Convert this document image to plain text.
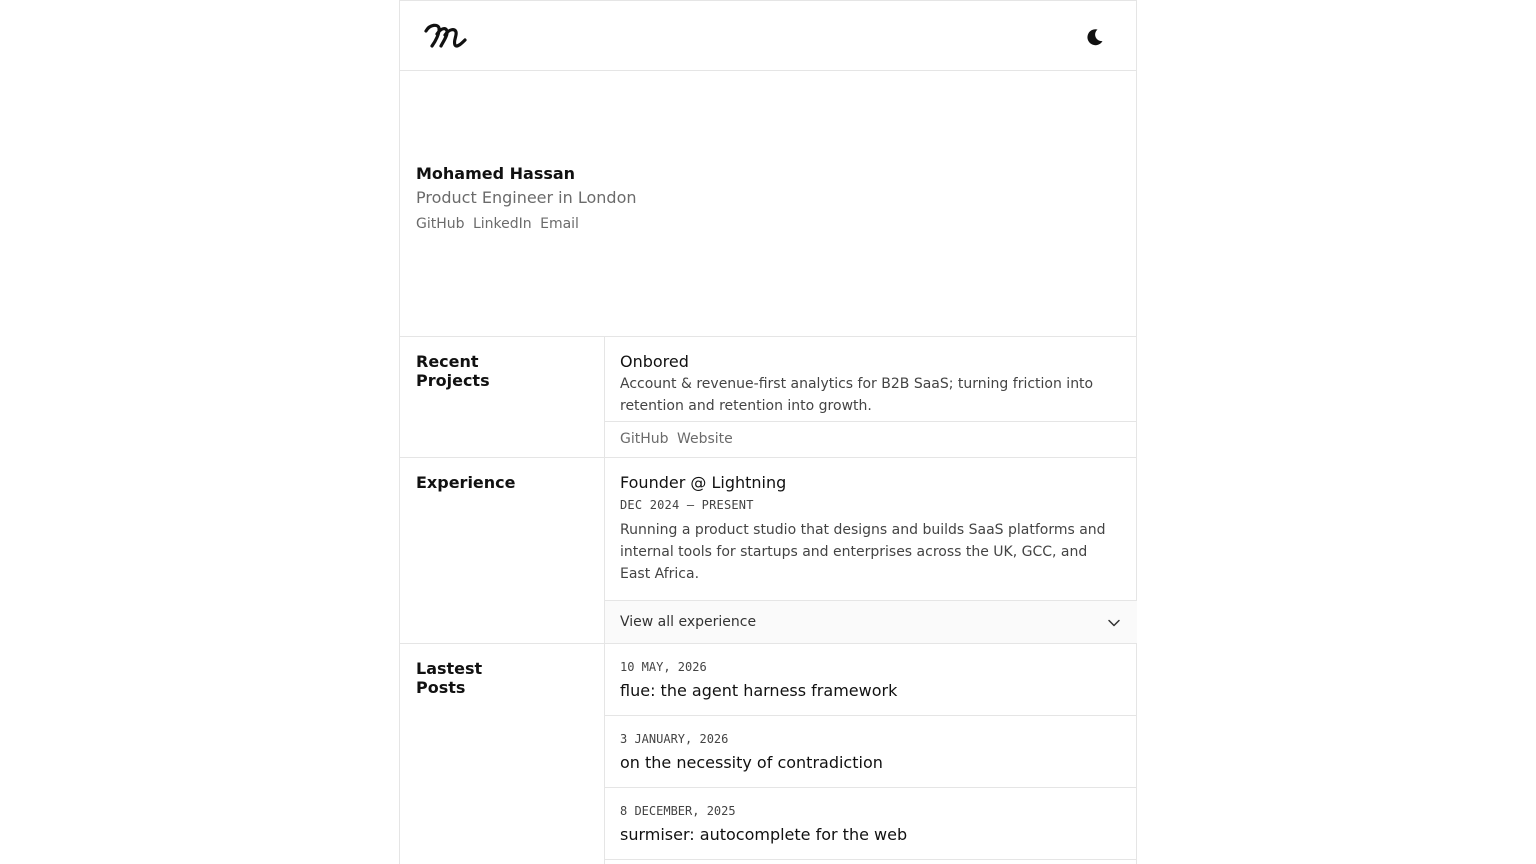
Mohamed Hassan
Product Engineer in London
GitHub LinkedIn Email
Recent
Projects
Onbored
Account & revenue-first analytics for B2B SaaS; turning friction into retention and retention into growth.
GitHub Website
Experience	Founder @ Lightning
DEC 2024 – PRESENT
Running a product studio that designs and builds SaaS platforms and internal tools for startups and enterprises across the UK, GCC, and East Africa.
View all experience
Lastest
Posts
10 MAY, 2026
flue: the agent harness framework
3 JANUARY, 2026
on the necessity of contradiction
8 DECEMBER, 2025
surmiser: autocomplete for the web
